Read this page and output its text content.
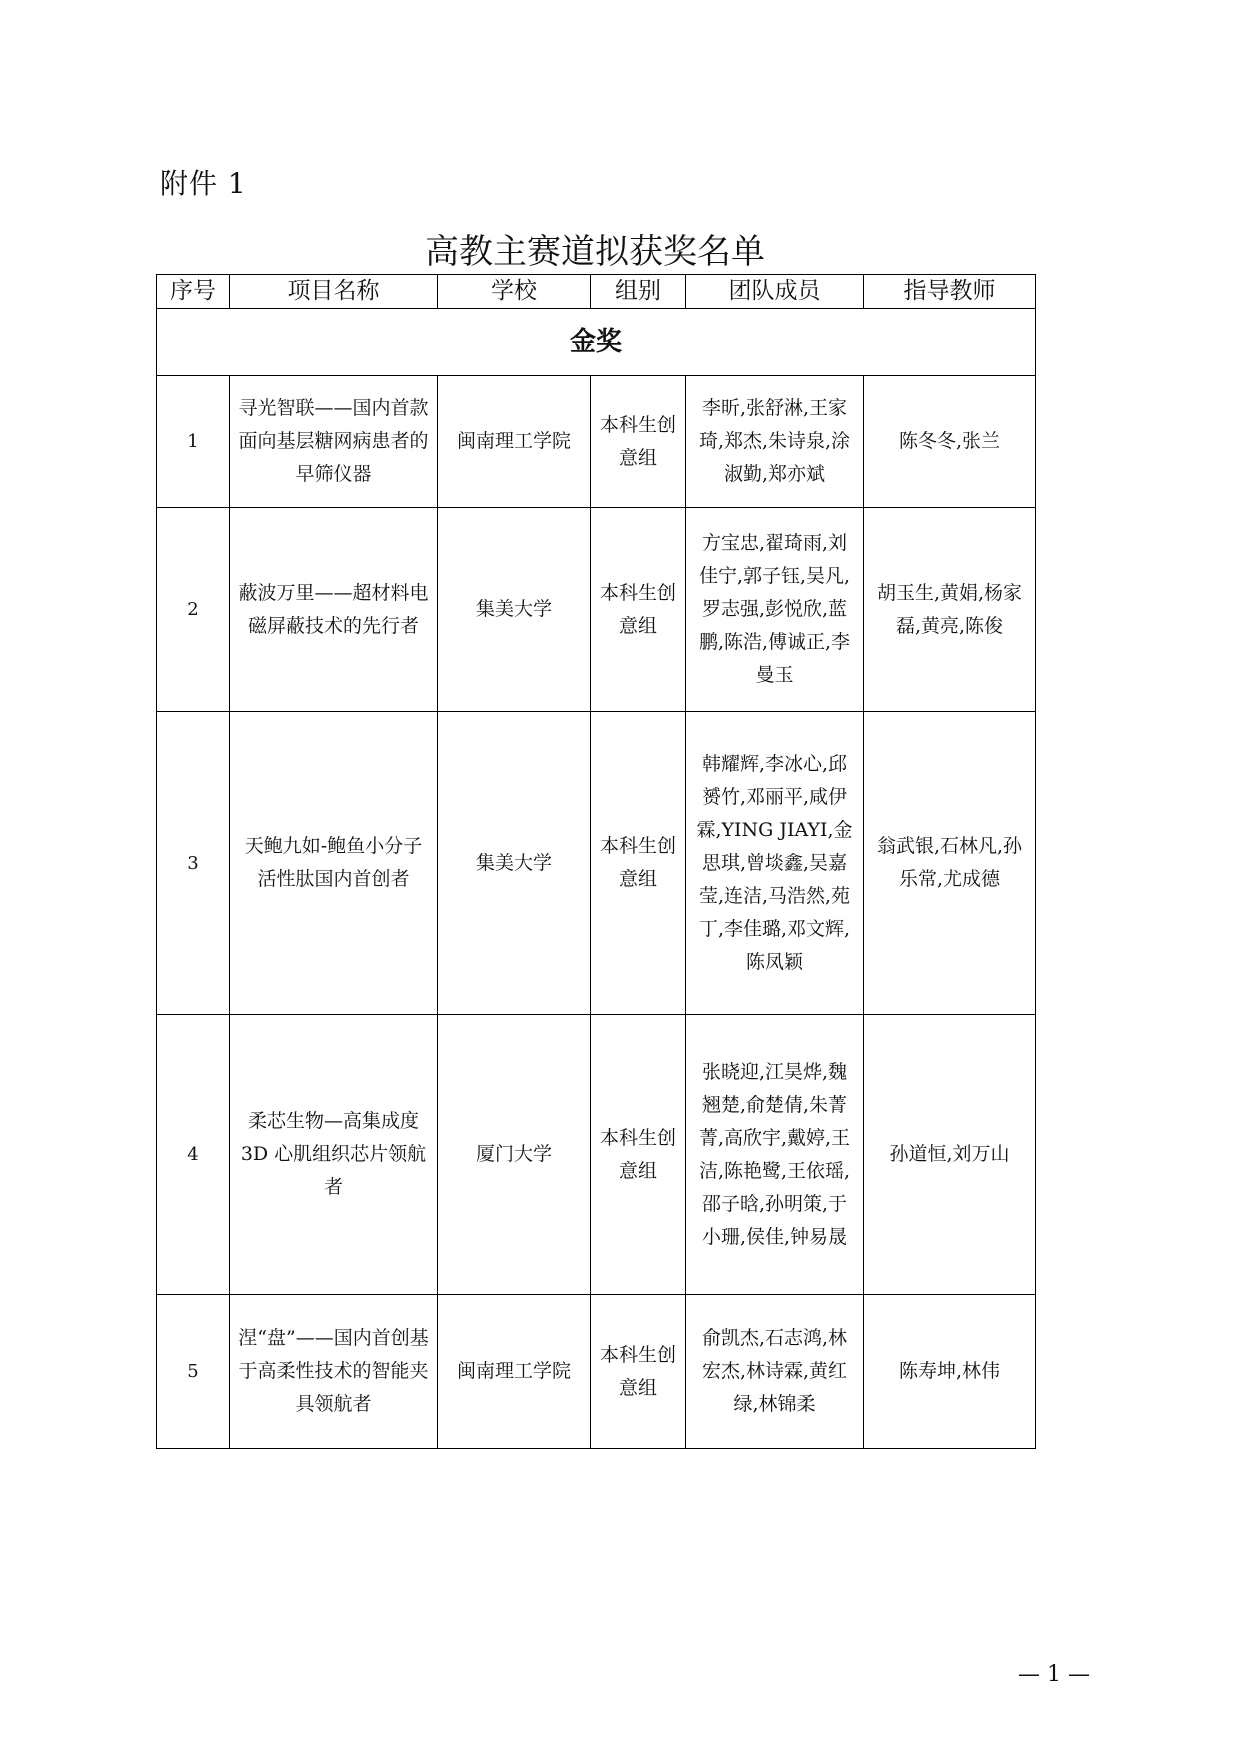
附件 1
高教主赛道拟获奖名单
序号	项目名称	学校	组别	团队成员	指导教师
金奖					
1	寻光智联——国内首款面向基层糖网病患者的早筛仪器	闽南理工学院	本科生创意组	李昕,张舒淋,王家琦,郑杰,朱诗泉,涂淑勤,郑亦斌	陈冬冬,张兰
2	蔽波万里——超材料电磁屏蔽技术的先行者	集美大学	本科生创意组	方宝忠,翟琦雨,刘佳宁,郭子钰,吴凡,罗志强,彭悦欣,蓝鹏,陈浩,傅诚正,李曼玉	胡玉生,黄娟,杨家磊,黄亮,陈俊
3	天鲍九如-鲍鱼小分子活性肽国内首创者	集美大学	本科生创意组	韩耀辉,李冰心,邱赟竹,邓丽平,咸伊霖,YING JIAYI,金思琪,曾埮鑫,吴嘉莹,连洁,马浩然,苑丁,李佳璐,邓文辉,陈凤颖	翁武银,石林凡,孙乐常,尤成德
4	柔芯生物—高集成度 3D 心肌组织芯片领航者	厦门大学	本科生创意组	张晓迎,江昊烨,魏翘楚,俞楚倩,朱菁菁,高欣宇,戴婷,王洁,陈艳鹭,王依瑶,邵子晗,孙明策,于小珊,侯佳,钟易晟	孙道恒,刘万山
5	涅“盘”——国内首创基于高柔性技术的智能夹具领航者	闽南理工学院	本科生创意组	俞凯杰,石志鸿,林宏杰,林诗霖,黄红绿,林锦柔	陈寿坤,林伟
— 1 —
